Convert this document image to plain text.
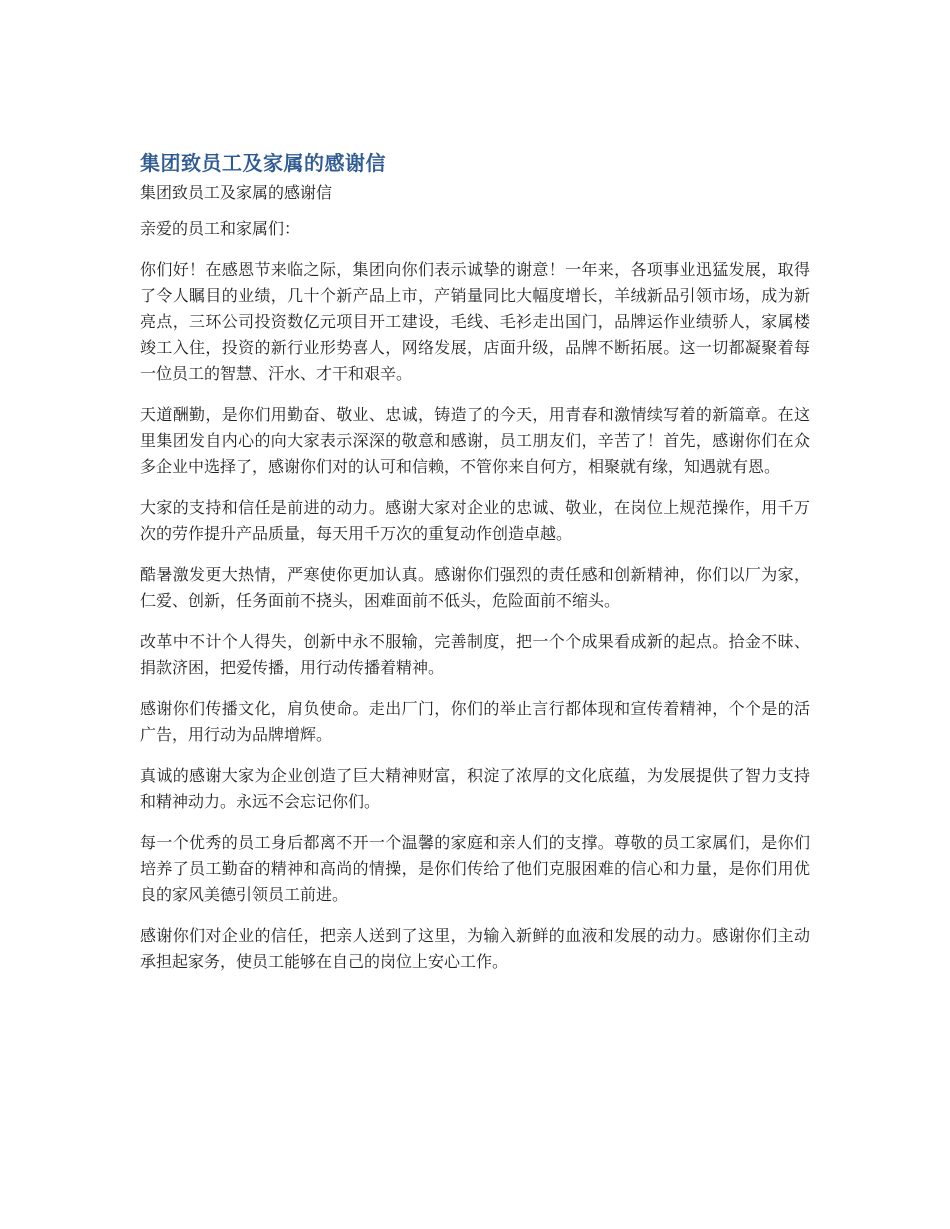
集团致员工及家属的感谢信
集团致员工及家属的感谢信

亲爱的员工和家属们：

你们好！在感恩节来临之际，集团向你们表示诚挚的谢意！一年来，各项事业迅猛发展，取得了令人瞩目的业绩，几十个新产品上市，产销量同比大幅度增长，羊绒新品引领市场，成为新亮点，三环公司投资数亿元项目开工建设，毛线、毛衫走出国门，品牌运作业绩骄人，家属楼竣工入住，投资的新行业形势喜人，网络发展，店面升级，品牌不断拓展。这一切都凝聚着每一位员工的智慧、汗水、才干和艰辛。

天道酬勤，是你们用勤奋、敬业、忠诚，铸造了的今天，用青春和激情续写着的新篇章。在这里集团发自内心的向大家表示深深的敬意和感谢，员工朋友们，辛苦了！首先，感谢你们在众多企业中选择了，感谢你们对的认可和信赖，不管你来自何方，相聚就有缘，知遇就有恩。

大家的支持和信任是前进的动力。感谢大家对企业的忠诚、敬业，在岗位上规范操作，用千万次的劳作提升产品质量，每天用千万次的重复动作创造卓越。

酷暑激发更大热情，严寒使你更加认真。感谢你们强烈的责任感和创新精神，你们以厂为家，仁爱、创新，任务面前不挠头，困难面前不低头，危险面前不缩头。

改革中不计个人得失，创新中永不服输，完善制度，把一个个成果看成新的起点。拾金不昧、捐款济困，把爱传播，用行动传播着精神。

感谢你们传播文化，肩负使命。走出厂门，你们的举止言行都体现和宣传着精神，个个是的活广告，用行动为品牌增辉。

真诚的感谢大家为企业创造了巨大精神财富，积淀了浓厚的文化底蕴，为发展提供了智力支持和精神动力。永远不会忘记你们。

每一个优秀的员工身后都离不开一个温馨的家庭和亲人们的支撑。尊敬的员工家属们，是你们培养了员工勤奋的精神和高尚的情操，是你们传给了他们克服困难的信心和力量，是你们用优良的家风美德引领员工前进。

感谢你们对企业的信任，把亲人送到了这里，为输入新鲜的血液和发展的动力。感谢你们主动承担起家务，使员工能够在自己的岗位上安心工作。
